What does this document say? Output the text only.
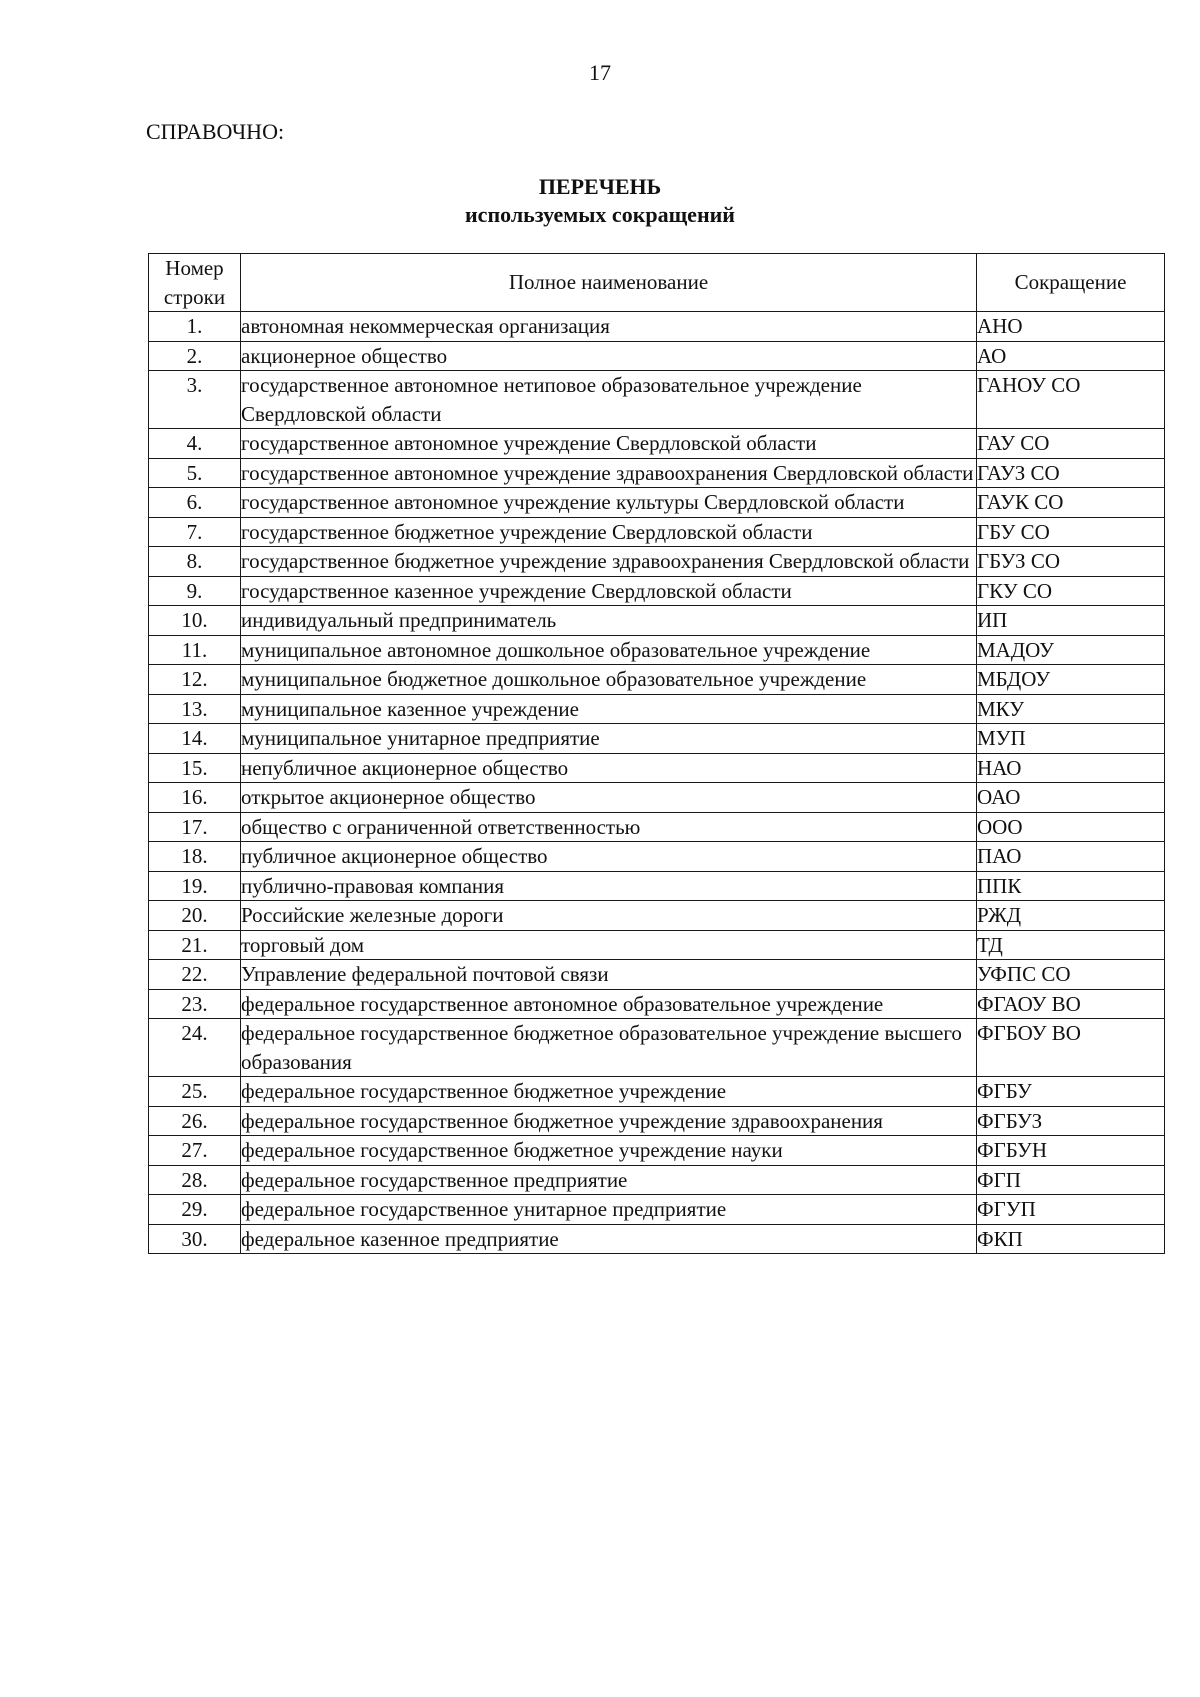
17
СПРАВОЧНО:
ПЕРЕЧЕНЬ
используемых сокращений
Номер
строки	Полное наименование	Сокращение
1.	автономная некоммерческая организация	АНО
2.	акционерное общество	АО
3.	государственное автономное нетиповое образовательное учреждение Свердловской области	ГАНОУ СО
4.	государственное автономное учреждение Свердловской области	ГАУ СО
5.	государственное автономное учреждение здравоохранения Свердловской области	ГАУЗ СО
6.	государственное автономное учреждение культуры Свердловской области	ГАУК СО
7.	государственное бюджетное учреждение Свердловской области	ГБУ СО
8.	государственное бюджетное учреждение здравоохранения Свердловской области	ГБУЗ СО
9.	государственное казенное учреждение Свердловской области	ГКУ СО
10.	индивидуальный предприниматель	ИП
11.	муниципальное автономное дошкольное образовательное учреждение	МАДОУ
12.	муниципальное бюджетное дошкольное образовательное учреждение	МБДОУ
13.	муниципальное казенное учреждение	МКУ
14.	муниципальное унитарное предприятие	МУП
15.	непубличное акционерное общество	НАО
16.	открытое акционерное общество	ОАО
17.	общество с ограниченной ответственностью	ООО
18.	публичное акционерное общество	ПАО
19.	публично-правовая компания	ППК
20.	Российские железные дороги	РЖД
21.	торговый дом	ТД
22.	Управление федеральной почтовой связи	УФПС СО
23.	федеральное государственное автономное образовательное учреждение	ФГАОУ ВО
24.	федеральное государственное бюджетное образовательное учреждение высшего образования	ФГБОУ ВО
25.	федеральное государственное бюджетное учреждение	ФГБУ
26.	федеральное государственное бюджетное учреждение здравоохранения	ФГБУЗ
27.	федеральное государственное бюджетное учреждение науки	ФГБУН
28.	федеральное государственное предприятие	ФГП
29.	федеральное государственное унитарное предприятие	ФГУП
30.	федеральное казенное предприятие	ФКП
